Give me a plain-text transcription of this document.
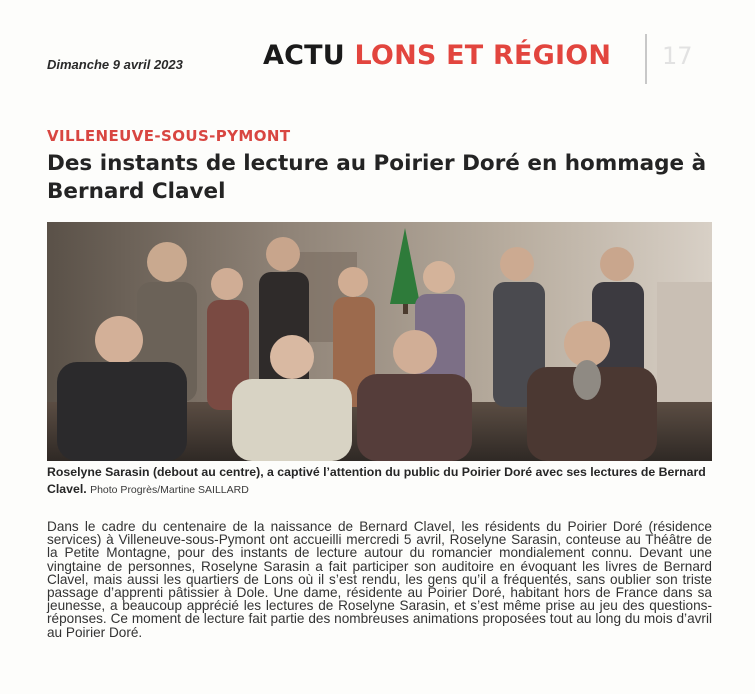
Dimanche 9 avril 2023	ACTU LONS ET RÉGION 17
VILLENEUVE-SOUS-PYMONT
Des instants de lecture au Poirier Doré en hommage à Bernard Clavel
Roselyne Sarasin (debout au centre), a captivé l’attention du public du Poirier Doré avec ses lectures de Bernard Clavel. Photo Progrès/Martine SAILLARD
Dans le cadre du centenaire de la naissance de Bernard Clavel, les résidents du Poirier Doré (résidence services) à Villeneuve-sous-Pymont ont accueilli mercredi 5 avril, Roselyne Sarasin, conteuse au Théâtre de la Petite Montagne, pour des instants de lecture autour du romancier mondialement connu. Devant une vingtaine de personnes, Roselyne Sarasin a fait participer son auditoire en évoquant les livres de Bernard Clavel, mais aussi les quartiers de Lons où il s’est rendu, les gens qu’il a fréquentés, sans oublier son triste passage d’apprenti pâtissier à Dole. Une dame, résidente au Poirier Doré, habitant hors de France dans sa jeunesse, a beaucoup apprécié les lectures de Roselyne Sarasin, et s’est même prise au jeu des questions-réponses. Ce moment de lecture fait partie des nombreuses animations proposées tout au long du mois d’avril au Poirier Doré.
